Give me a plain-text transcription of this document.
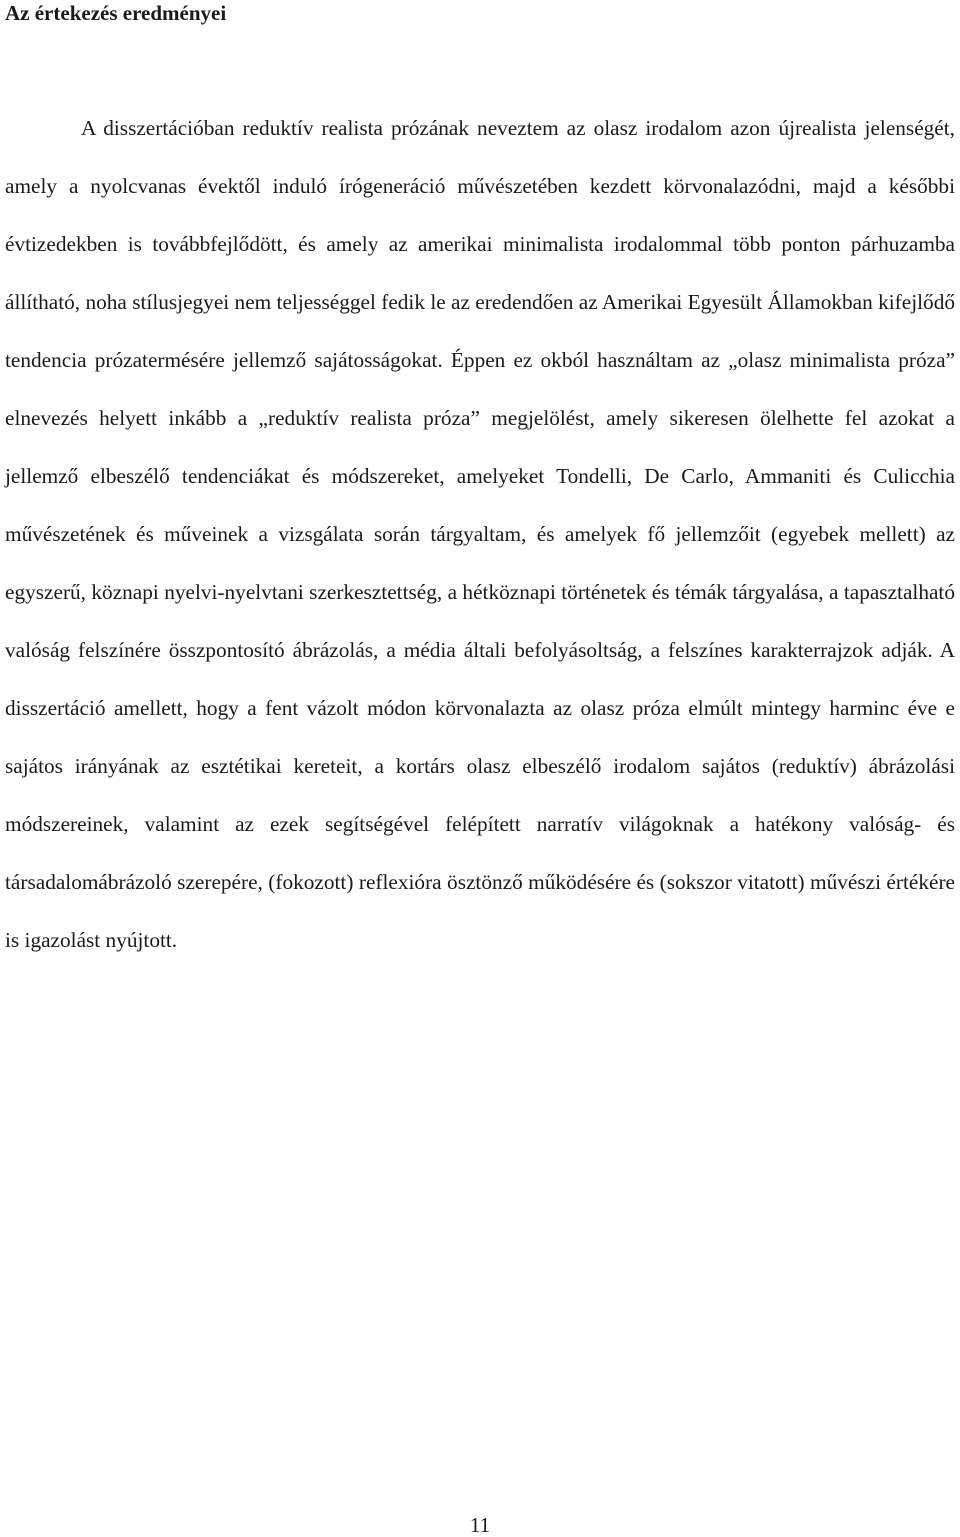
Az értekezés eredményei

A disszertációban reduktív realista prózának neveztem az olasz irodalom azon újrealista jelenségét, amely a nyolcvanas évektől induló írógeneráció művészetében kezdett körvonalazódni, majd a későbbi évtizedekben is továbbfejlődött, és amely az amerikai minimalista irodalommal több ponton párhuzamba állítható, noha stílusjegyei nem teljességgel fedik le az eredendően az Amerikai Egyesült Államokban kifejlődő tendencia prózatermésére jellemző sajátosságokat. Éppen ez okból használtam az „olasz minimalista próza” elnevezés helyett inkább a „reduktív realista próza” megjelölést, amely sikeresen ölelhette fel azokat a jellemző elbeszélő tendenciákat és módszereket, amelyeket Tondelli, De Carlo, Ammaniti és Culicchia művészetének és műveinek a vizsgálata során tárgyaltam, és amelyek fő jellemzőit (egyebek mellett) az egyszerű, köznapi nyelvi-nyelvtani szerkesztettség, a hétköznapi történetek és témák tárgyalása, a tapasztalható valóság felszínére összpontosító ábrázolás, a média általi befolyásoltság, a felszínes karakterrajzok adják. A disszertáció amellett, hogy a fent vázolt módon körvonalazta az olasz próza elmúlt mintegy harminc éve e sajátos irányának az esztétikai kereteit, a kortárs olasz elbeszélő irodalom sajátos (reduktív) ábrázolási módszereinek, valamint az ezek segítségével felépített narratív világoknak a hatékony valóság- és társadalomábrázoló szerepére, (fokozott) reflexióra ösztönző működésére és (sokszor vitatott) művészi értékére is igazolást nyújtott.

11
